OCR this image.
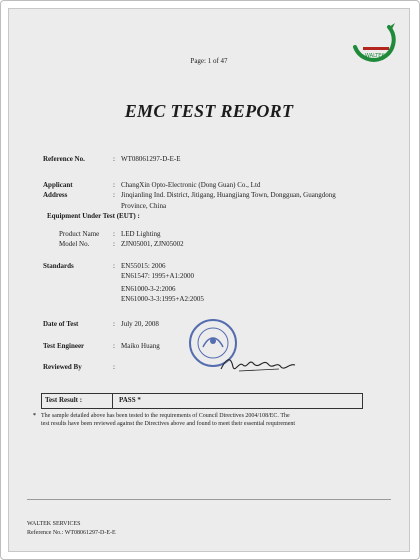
WALTEK
Page: 1 of 47
EMC TEST REPORT
Reference No.	: WT08061297-D-E-E
Applicant	: ChangXin Opto-Electronic (Dong Guan) Co., Ltd
Address	: Jinqianling Ind. District, Jitigang, Huangjiang Town, Dongguan, Guangdong
Province, China
Equipment Under Test (EUT) :
Product Name : LED Lighting
Model No.	: ZJN05001, ZJN05002
Standards	: EN55015: 2006
EN61547: 1995+A1:2000
EN61000-3-2:2006
EN61000-3-3:1995+A2:2005
Date of Test	: July 20, 2008
Test Engineer	: Maiko Huang
Reviewed By	:
Test Result :	PASS *
* The sample detailed above has been tested to the requirements of Council Directives 2004/108/EC. The
test results have been reviewed against the Directives above and found to meet their essential requirement
WALTEK SERVICES
Reference No.: WT08061297-D-E-E
